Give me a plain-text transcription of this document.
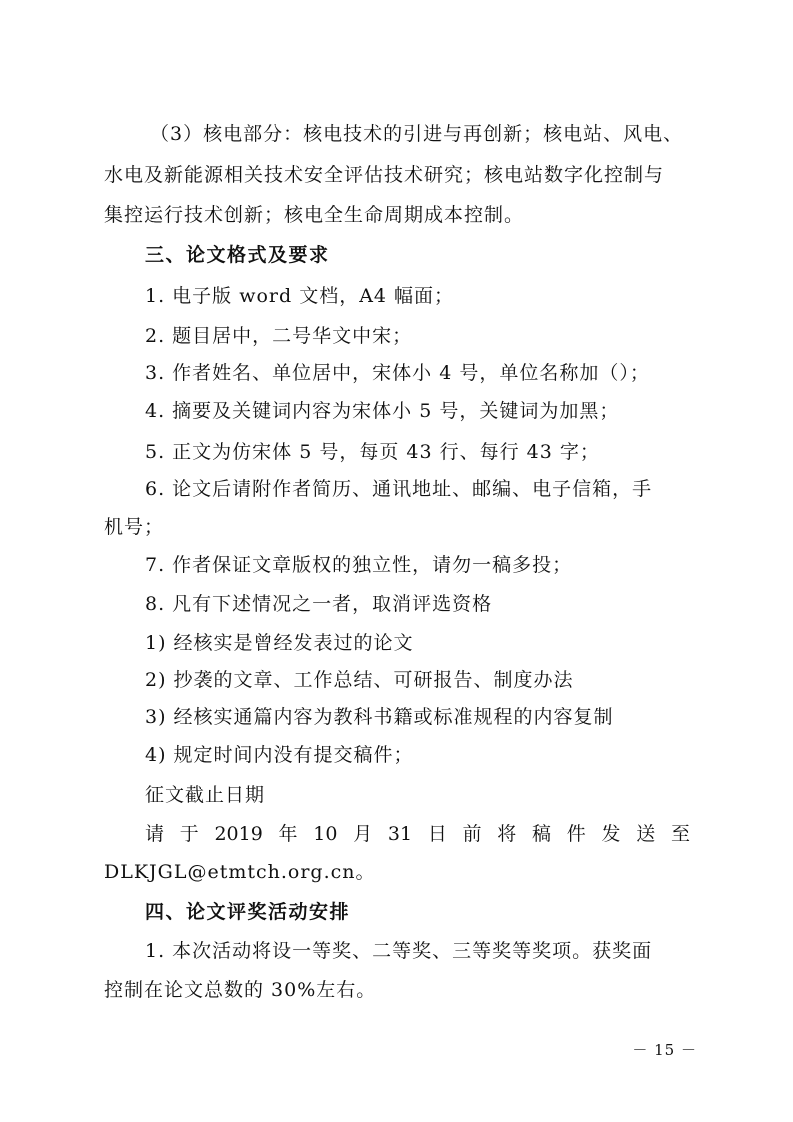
（3）核电部分：核电技术的引进与再创新；核电站、风电、
水电及新能源相关技术安全评估技术研究；核电站数字化控制与
集控运行技术创新；核电全生命周期成本控制。
三、论文格式及要求
1. 电子版 word 文档，A4 幅面；
2. 题目居中，二号华文中宋；
3. 作者姓名、单位居中，宋体小 4 号，单位名称加（）；
4. 摘要及关键词内容为宋体小 5 号，关键词为加黑；
5. 正文为仿宋体 5 号，每页 43 行、每行 43 字；
6. 论文后请附作者简历、通讯地址、邮编、电子信箱，手
机号；
7. 作者保证文章版权的独立性，请勿一稿多投；
8. 凡有下述情况之一者，取消评选资格
1) 经核实是曾经发表过的论文
2) 抄袭的文章、工作总结、可研报告、制度办法
3) 经核实通篇内容为教科书籍或标准规程的内容复制
4) 规定时间内没有提交稿件；
征文截止日期
请 于 2019 年 10 月 31 日 前 将 稿 件 发 送 至
DLKJGL@etmtch.org.cn。
四、论文评奖活动安排
1. 本次活动将设一等奖、二等奖、三等奖等奖项。获奖面
控制在论文总数的 30%左右。
－ 15 －
